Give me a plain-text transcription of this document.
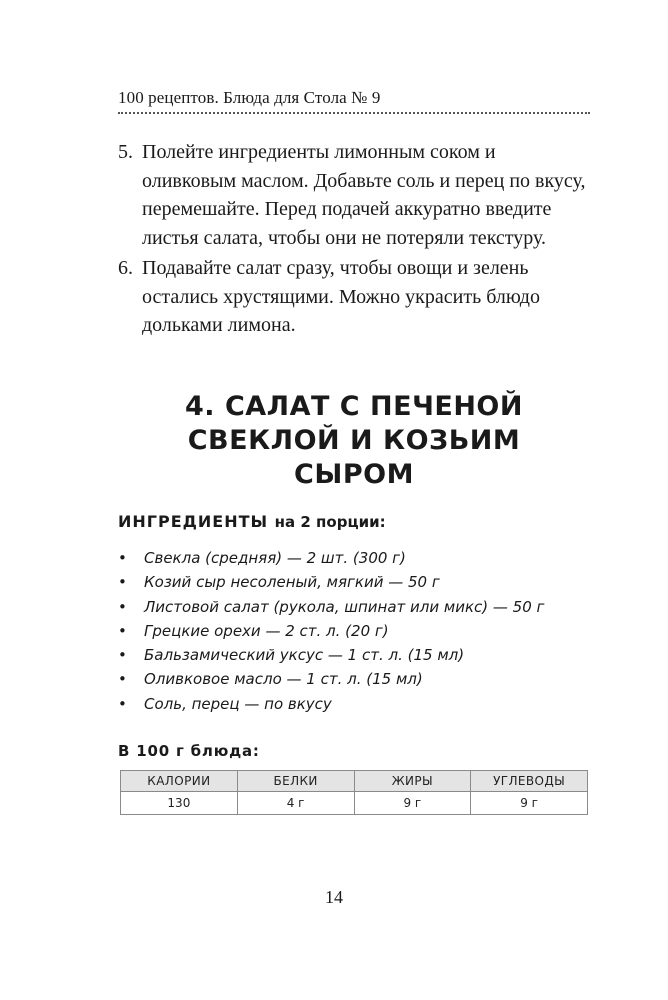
100 рецептов. Блюда для Стола № 9
5. Полейте ингредиенты лимонным соком и оливковым маслом. Добавьте соль и перец по вкусу, перемешайте. Перед подачей аккуратно введите листья салата, чтобы они не потеряли текстуру.
6. Подавайте салат сразу, чтобы овощи и зелень остались хрустящими. Можно украсить блюдо дольками лимона.
4. САЛАТ С ПЕЧЕНОЙ
СВЕКЛОЙ И КОЗЬИМ
СЫРОМ
ИНГРЕДИЕНТЫ на 2 порции:
• Свекла (средняя) — 2 шт. (300 г)
• Козий сыр несоленый, мягкий — 50 г
• Листовой салат (рукола, шпинат или микс) — 50 г
• Грецкие орехи — 2 ст. л. (20 г)
• Бальзамический уксус — 1 ст. л. (15 мл)
• Оливковое масло — 1 ст. л. (15 мл)
• Соль, перец — по вкусу
В 100 г блюда:
КАЛОРИИ	БЕЛКИ	ЖИРЫ	УГЛЕВОДЫ
130	4 г	9 г	9 г
14
